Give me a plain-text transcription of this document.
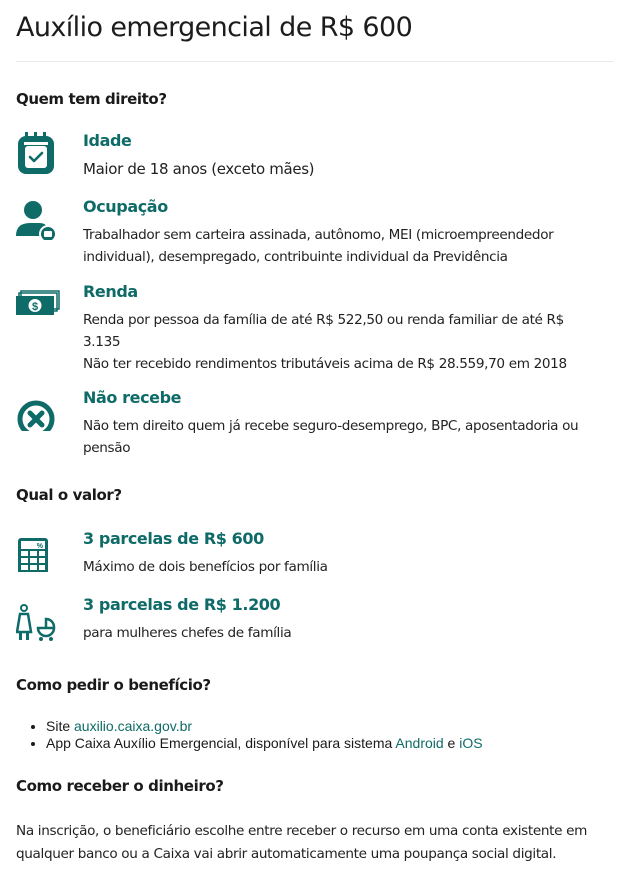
Auxílio emergencial de R$ 600
Quem tem direito?
Idade
Maior de 18 anos (exceto mães)
Ocupação
Trabalhador sem carteira assinada, autônomo, MEI (microempreendedor individual), desempregado, contribuinte individual da Previdência
$
Renda
Renda por pessoa da família de até R$ 522,50 ou renda familiar de até R$ 3.135
Não ter recebido rendimentos tributáveis acima de R$ 28.559,70 em 2018
Não recebe
Não tem direito quem já recebe seguro-desemprego, BPC, aposentadoria ou pensão
Qual o valor?
%	3 parcelas de R$ 600
Máximo de dois benefícios por família
3 parcelas de R$ 1.200
para mulheres chefes de família
Como pedir o benefício?
• Site auxilio.caixa.gov.br
• App Caixa Auxílio Emergencial, disponível para sistema Android e iOS
Como receber o dinheiro?
Na inscrição, o beneficiário escolhe entre receber o recurso em uma conta existente em qualquer banco ou a Caixa vai abrir automaticamente uma poupança social digital.
